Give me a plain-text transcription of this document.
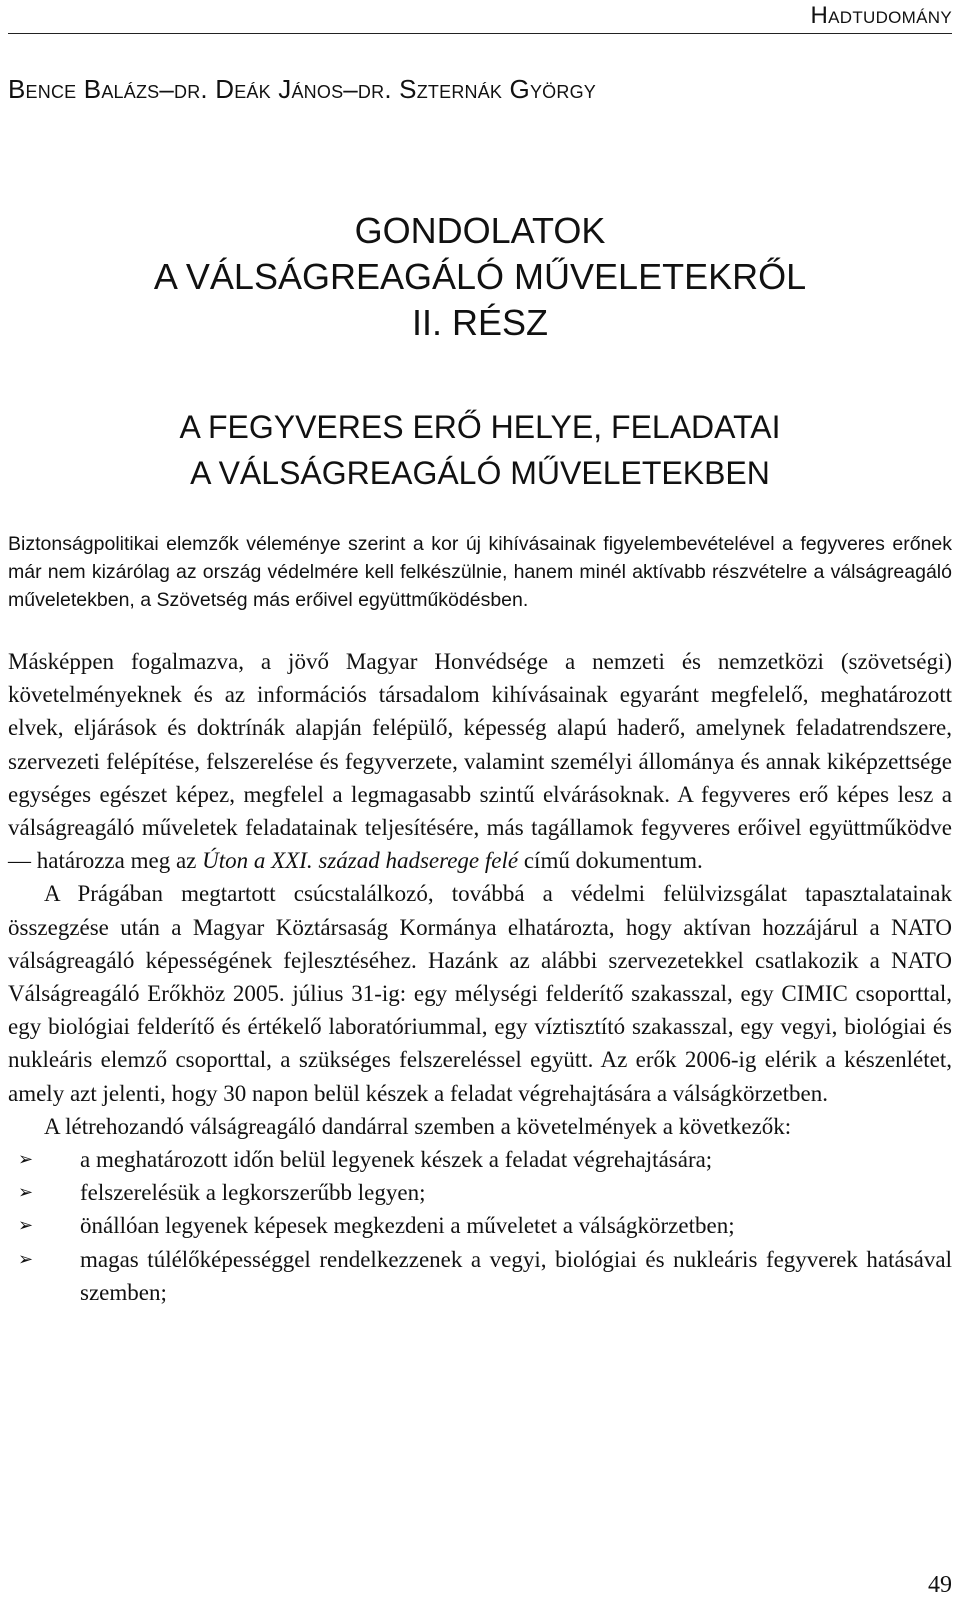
Hadtudomány
Bence Balázs–dr. Deák János–dr. Szternák György
GONDOLATOK
A VÁLSÁGREAGÁLÓ MŰVELETEKRŐL
II. RÉSZ
A FEGYVERES ERŐ HELYE, FELADATAI
A VÁLSÁGREAGÁLÓ MŰVELETEKBEN
Biztonságpolitikai elemzők véleménye szerint a kor új kihívásainak figyelembevételével a fegyveres erőnek már nem kizárólag az ország védelmére kell felkészülnie, hanem minél aktívabb részvételre a válságreagáló műveletekben, a Szövetség más erőivel együttműködésben.

Másképpen fogalmazva, a jövő Magyar Honvédsége a nemzeti és nemzetközi (szövetségi) követelményeknek és az információs társadalom kihívásainak egyaránt megfelelő, meghatározott elvek, eljárások és doktrínák alapján felépülő, képesség alapú haderő, amelynek feladatrendszere, szervezeti felépítése, felszerelése és fegyverzete, valamint személyi állománya és annak kiképzettsége egységes egészet képez, megfelel a legmagasabb szintű elvárásoknak. A fegyveres erő képes lesz a válságreagáló műveletek feladatainak teljesítésére, más tagállamok fegyveres erőivel együttműködve — határozza meg az Úton a XXI. század hadserege felé című dokumentum.

A Prágában megtartott csúcstalálkozó, továbbá a védelmi felülvizsgálat tapasztalatainak összegzése után a Magyar Köztársaság Kormánya elhatározta, hogy aktívan hozzájárul a NATO válságreagáló képességének fejlesztéséhez. Hazánk az alábbi szervezetekkel csatlakozik a NATO Válságreagáló Erőkhöz 2005. július 31-ig: egy mélységi felderítő szakasszal, egy CIMIC csoporttal, egy biológiai felderítő és értékelő laboratóriummal, egy víztisztító szakasszal, egy vegyi, biológiai és nukleáris elemző csoporttal, a szükséges felszereléssel együtt. Az erők 2006-ig elérik a készenlétet, amely azt jelenti, hogy 30 napon belül készek a feladat végrehajtására a válságkörzetben.

A létrehozandó válságreagáló dandárral szemben a követelmények a következők:

➢ a meghatározott időn belül legyenek készek a feladat végrehajtására;
➢ felszerelésük a legkorszerűbb legyen;
➢ önállóan legyenek képesek megkezdeni a műveletet a válságkörzetben;
➢ magas túlélőképességgel rendelkezzenek a vegyi, biológiai és nukleáris fegyverek hatásával szemben;
49
